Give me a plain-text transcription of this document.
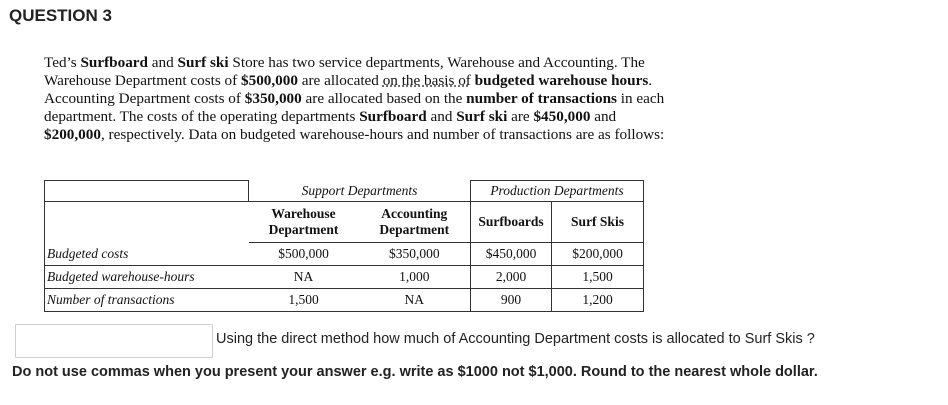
QUESTION 3
Ted’s Surfboard and Surf ski Store has two service departments, Warehouse and Accounting. The
Warehouse Department costs of $500,000 are allocated on the basis of budgeted warehouse hours.
Accounting Department costs of $350,000 are allocated based on the number of transactions in each
department. The costs of the operating departments Surfboard and Surf ski are $450,000 and
$200,000, respectively. Data on budgeted warehouse-hours and number of transactions are as follows:
	Support Departments		Production Departments	
	Warehouse
Department	Accounting
Department	Surfboards	Surf Skis
Budgeted costs	$500,000	$350,000	$450,000	$200,000
Budgeted warehouse-hours	NA	1,000	2,000	1,500
Number of transactions	1,500	NA	900	1,200
Using the direct method how much of Accounting Department costs is allocated to Surf Skis ?
Do not use commas when you present your answer e.g. write as $1000 not $1,000. Round to the nearest whole dollar.
